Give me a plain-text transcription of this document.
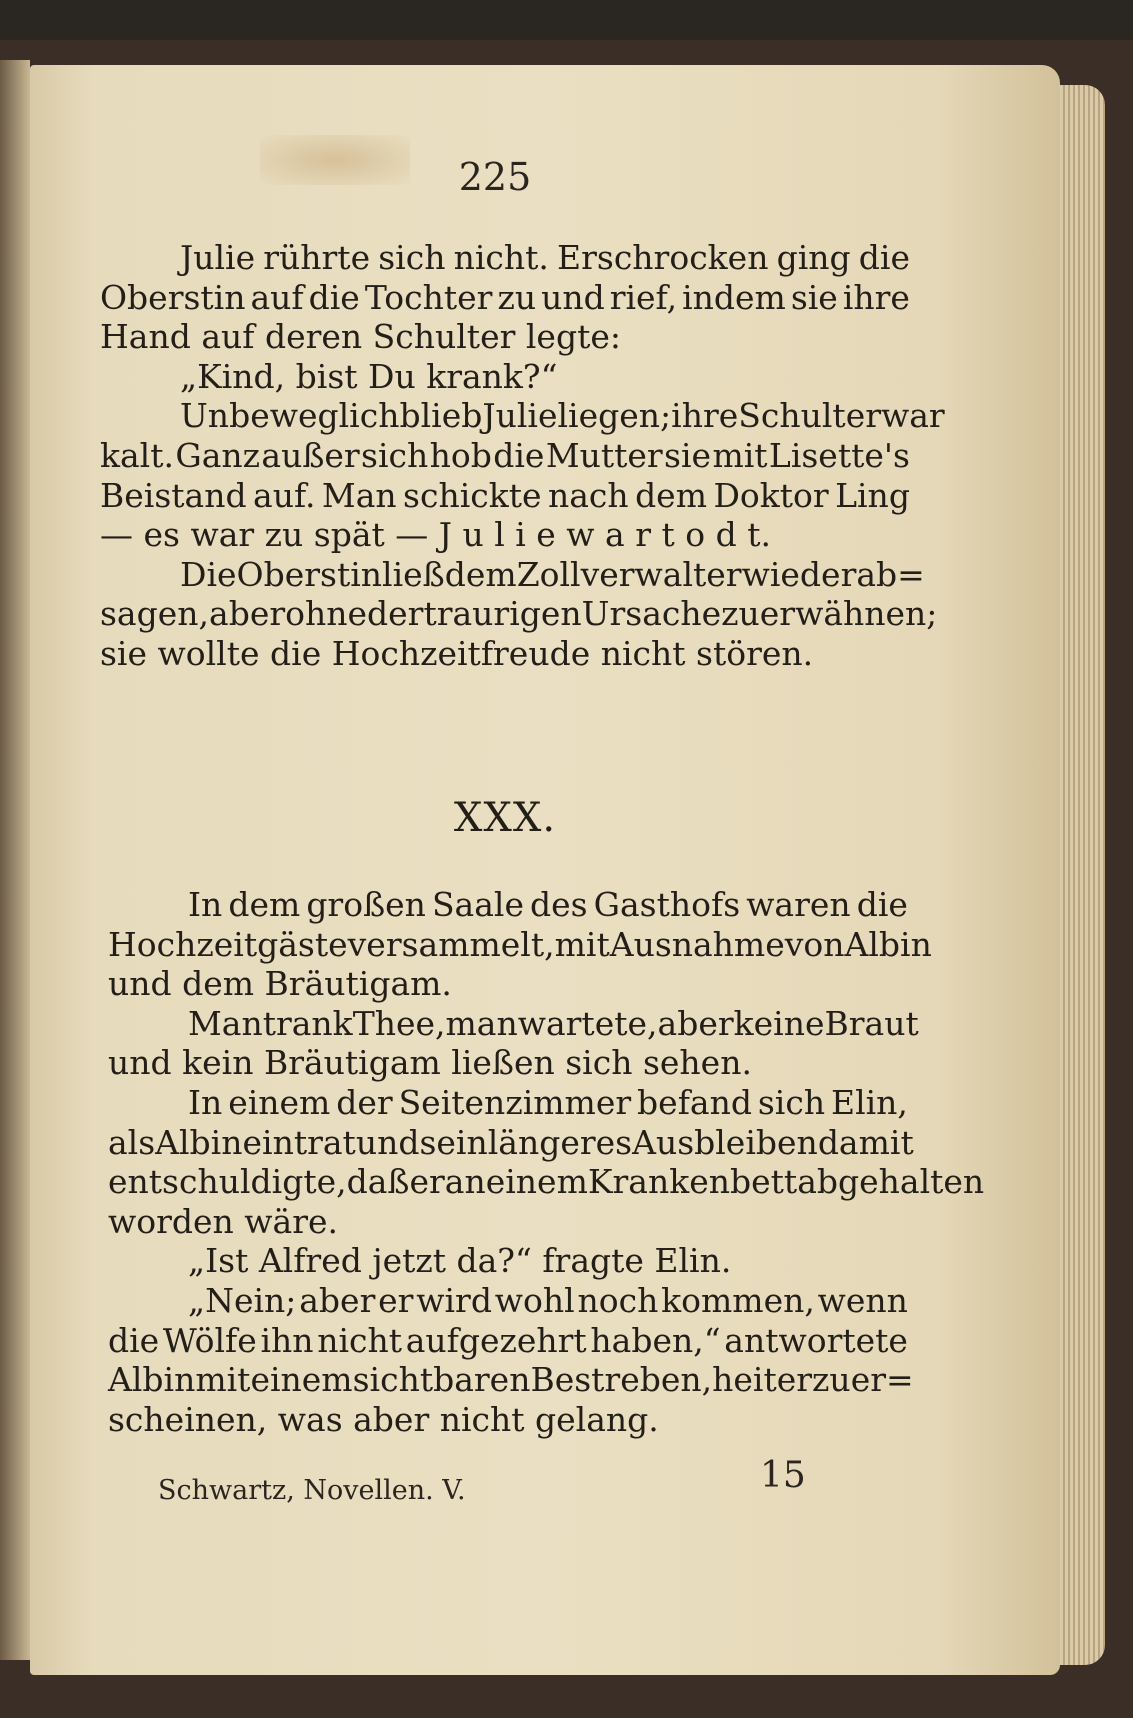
225
Julie rührte sich nicht. Erschrocken ging die
Oberstin auf die Tochter zu und rief, indem sie ihre
Hand auf deren Schulter legte:
„Kind, bist Du krank?“
Unbeweglich blieb Julie liegen; ihre Schulter war
kalt. Ganz außer sich hob die Mutter sie mit Lisette's
Beistand auf. Man schickte nach dem Doktor Ling
— es war zu spät — J u l i e w a r t o d t.
Die Oberstin ließ dem Zollverwalter wieder ab=
sagen, aber ohne der traurigen Ursache zu erwähnen;
sie wollte die Hochzeitfreude nicht stören.
XXX.
In dem großen Saale des Gasthofs waren die
Hochzeitgäste versammelt, mit Ausnahme von Albin
und dem Bräutigam.
Man trank Thee, man wartete, aber keine Braut
und kein Bräutigam ließen sich sehen.
In einem der Seitenzimmer befand sich Elin,
als Albin eintrat und sein längeres Ausbleiben damit
entschuldigte, daß er an einem Krankenbett abgehalten
worden wäre.
„Ist Alfred jetzt da?“ fragte Elin.
„Nein; aber er wird wohl noch kommen, wenn
die Wölfe ihn nicht aufgezehrt haben,“ antwortete
Albin mit einem sichtbaren Bestreben, heiter zu er=
scheinen, was aber nicht gelang.
Schwartz, Novellen. V.	15
